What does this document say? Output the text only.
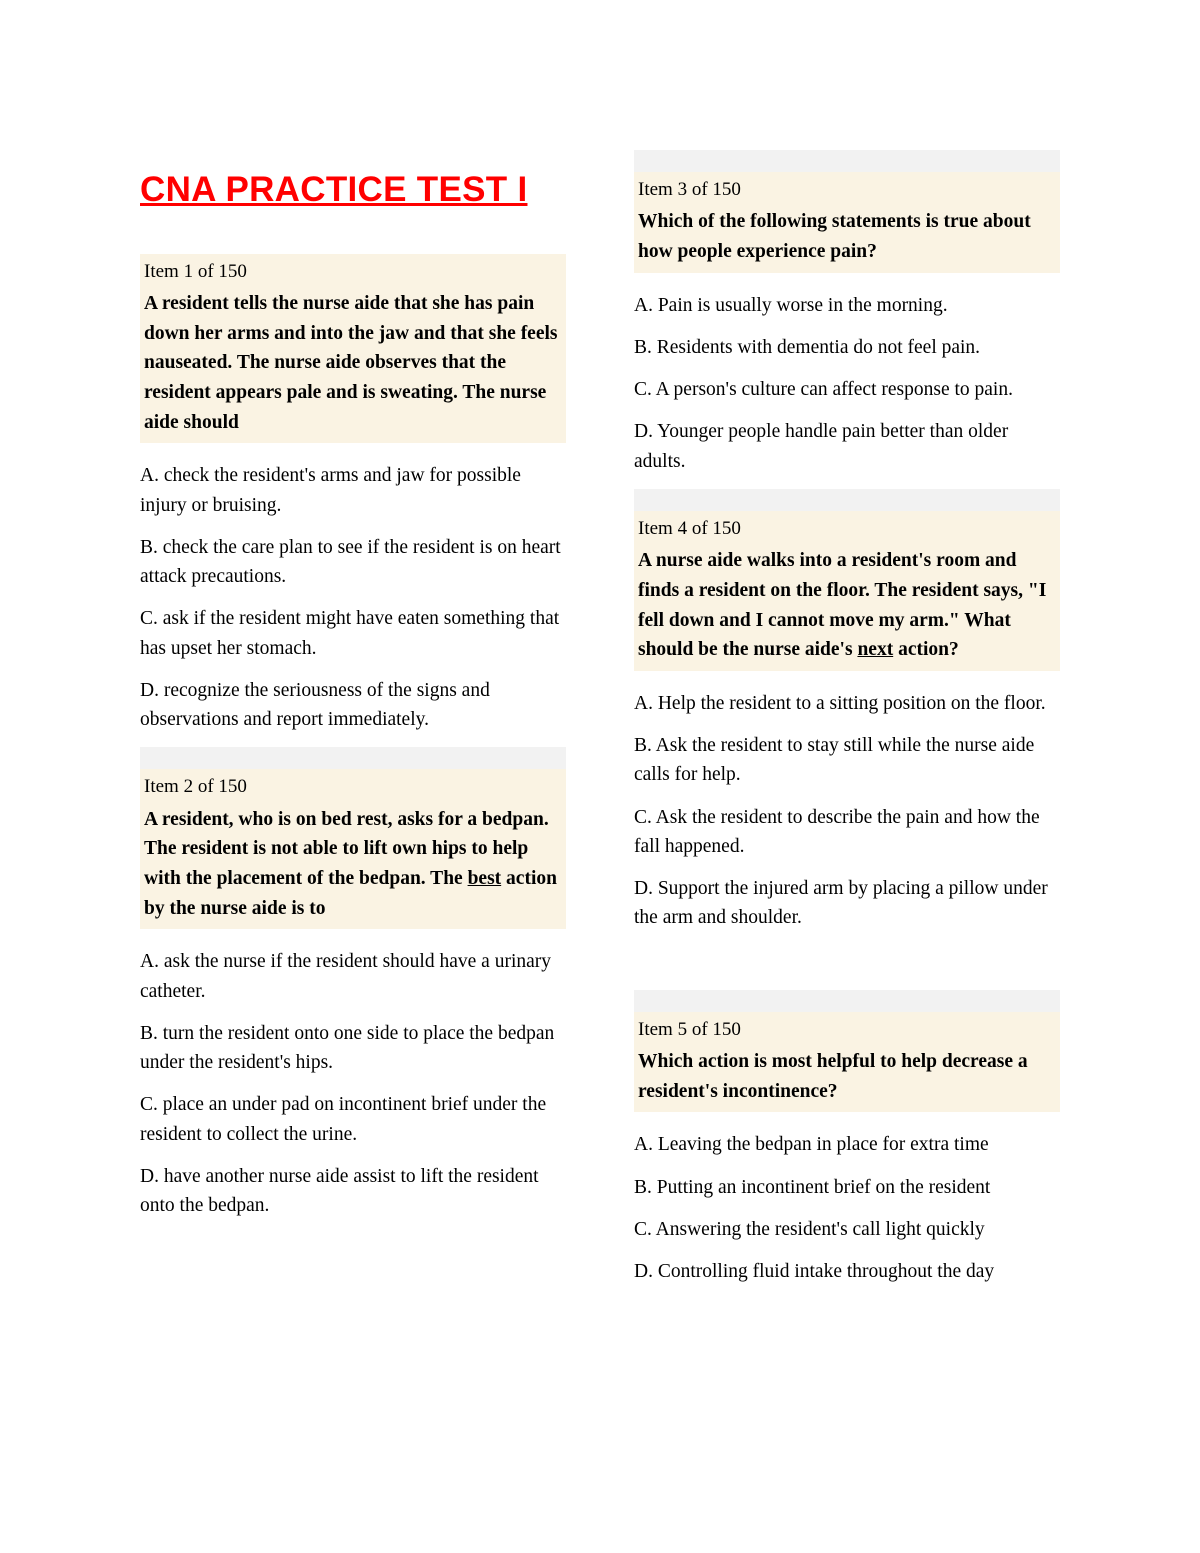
CNA PRACTICE TEST I
Item 1 of 150
A resident tells the nurse aide that she has pain down her arms and into the jaw and that she feels nauseated. The nurse aide observes that the resident appears pale and is sweating. The nurse aide should
A. check the resident's arms and jaw for possible injury or bruising.
B. check the care plan to see if the resident is on heart attack precautions.
C. ask if the resident might have eaten something that has upset her stomach.
D. recognize the seriousness of the signs and observations and report immediately.
Item 2 of 150
A resident, who is on bed rest, asks for a bedpan. The resident is not able to lift own hips to help with the placement of the bedpan. The best action by the nurse aide is to
A. ask the nurse if the resident should have a urinary catheter.
B. turn the resident onto one side to place the bedpan under the resident's hips.
C. place an under pad on incontinent brief under the resident to collect the urine.
D. have another nurse aide assist to lift the resident onto the bedpan.
Item 3 of 150
Which of the following statements is true about how people experience pain?
A. Pain is usually worse in the morning.
B. Residents with dementia do not feel pain.
C. A person's culture can affect response to pain.
D. Younger people handle pain better than older adults.
Item 4 of 150
A nurse aide walks into a resident's room and finds a resident on the floor. The resident says, "I fell down and I cannot move my arm." What should be the nurse aide's next action?
A. Help the resident to a sitting position on the floor.
B. Ask the resident to stay still while the nurse aide calls for help.
C. Ask the resident to describe the pain and how the fall happened.
D. Support the injured arm by placing a pillow under the arm and shoulder.
Item 5 of 150
Which action is most helpful to help decrease a resident's incontinence?
A. Leaving the bedpan in place for extra time
B. Putting an incontinent brief on the resident
C. Answering the resident's call light quickly
D. Controlling fluid intake throughout the day
